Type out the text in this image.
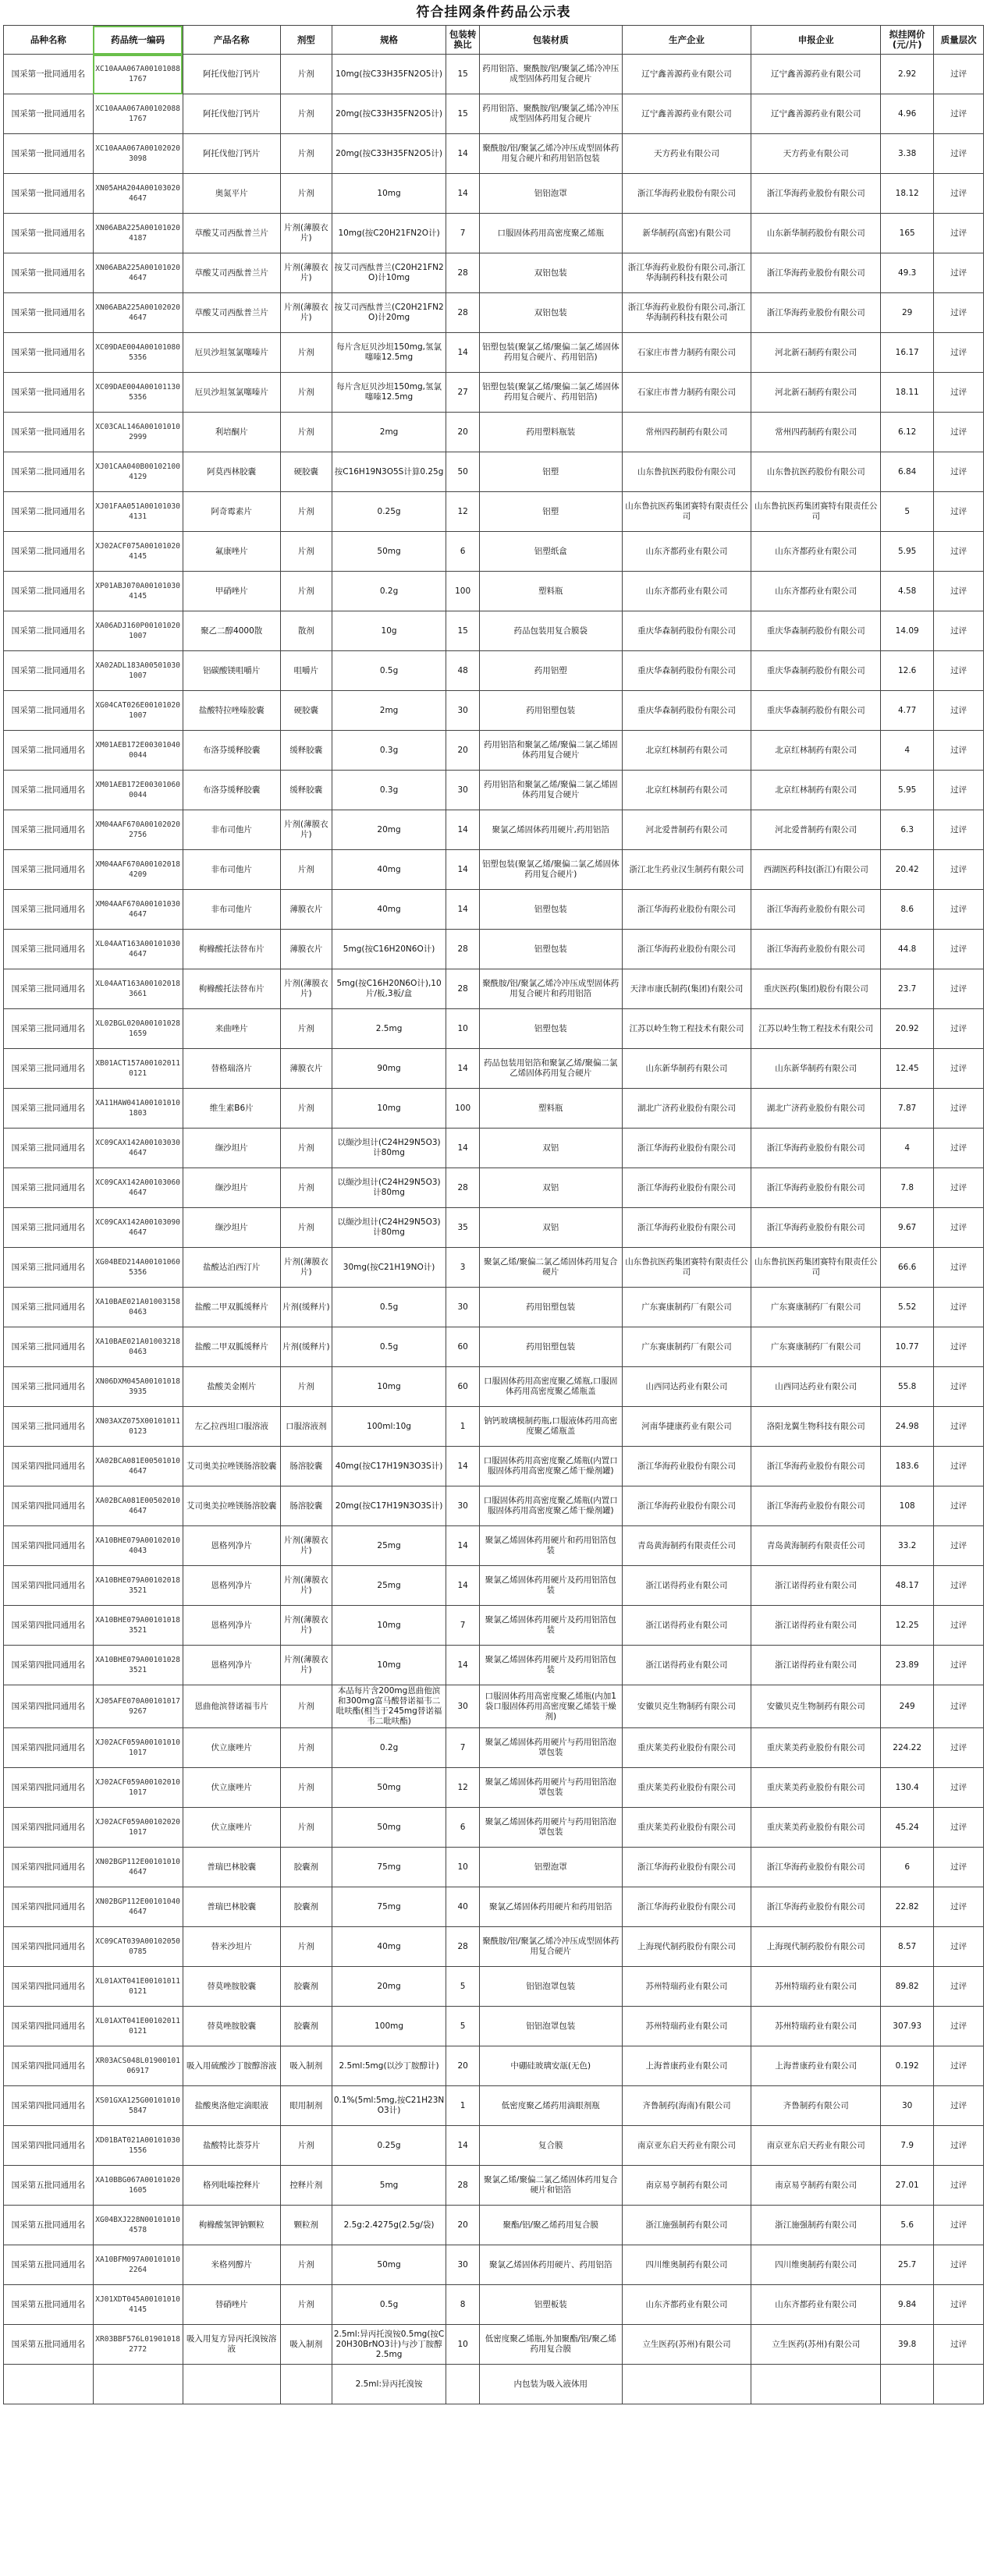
符合挂网条件药品公示表
品种名称	药品统一编码	产品名称	剂型	规格	包装转换比	包装材质	生产企业	申报企业	拟挂网价(元/片)	质量层次
国采第一批同通用名	XC10AAA067A001010881767	阿托伐他汀钙片	片剂	10mg(按C33H35FN2O5计)	15	药用铝箔、聚酰胺/铝/聚氯乙烯冷冲压成型固体药用复合硬片	辽宁鑫善源药业有限公司	辽宁鑫善源药业有限公司	2.92	过评
国采第一批同通用名	XC10AAA067A001020881767	阿托伐他汀钙片	片剂	20mg(按C33H35FN2O5计)	15	药用铝箔、聚酰胺/铝/聚氯乙烯冷冲压成型固体药用复合硬片	辽宁鑫善源药业有限公司	辽宁鑫善源药业有限公司	4.96	过评
国采第一批同通用名	XC10AAA067A001020203098	阿托伐他汀钙片	片剂	20mg(按C33H35FN2O5计)	14	聚酰胺/铝/聚氯乙烯冷冲压成型固体药用复合硬片和药用铝箔包装	天方药业有限公司	天方药业有限公司	3.38	过评
国采第一批同通用名	XN05AHA204A001030204647	奥氮平片	片剂	10mg	14	铝铝泡罩	浙江华海药业股份有限公司	浙江华海药业股份有限公司	18.12	过评
国采第一批同通用名	XN06ABA225A001010204187	草酸艾司西酞普兰片	片剂(薄膜衣片)	10mg(按C20H21FN2O计)	7	口服固体药用高密度聚乙烯瓶	新华制药(高密)有限公司	山东新华制药股份有限公司	165	过评
国采第一批同通用名	XN06ABA225A001010204647	草酸艾司西酞普兰片	片剂(薄膜衣片)	按艾司西酞普兰(C20H21FN2O)计10mg	28	双铝包装	浙江华海药业股份有限公司,浙江华海制药科技有限公司	浙江华海药业股份有限公司	49.3	过评
国采第一批同通用名	XN06ABA225A001020204647	草酸艾司西酞普兰片	片剂(薄膜衣片)	按艾司西酞普兰(C20H21FN2O)计20mg	28	双铝包装	浙江华海药业股份有限公司,浙江华海制药科技有限公司	浙江华海药业股份有限公司	29	过评
国采第一批同通用名	XC09DAE004A001010805356	厄贝沙坦氢氯噻嗪片	片剂	每片含厄贝沙坦150mg,氢氯噻嗪12.5mg	14	铝塑包装(聚氯乙烯/聚偏二氯乙烯固体药用复合硬片、药用铝箔)	石家庄市普力制药有限公司	河北新石制药有限公司	16.17	过评
国采第一批同通用名	XC09DAE004A001011305356	厄贝沙坦氢氯噻嗪片	片剂	每片含厄贝沙坦150mg,氢氯噻嗪12.5mg	27	铝塑包装(聚氯乙烯/聚偏二氯乙烯固体药用复合硬片、药用铝箔)	石家庄市普力制药有限公司	河北新石制药有限公司	18.11	过评
国采第一批同通用名	XC03CAL146A001010102999	利培酮片	片剂	2mg	20	药用塑料瓶装	常州四药制药有限公司	常州四药制药有限公司	6.12	过评
国采第二批同通用名	XJ01CAA040B001021004129	阿莫西林胶囊	硬胶囊	按C16H19N3O5S计算0.25g	50	铝塑	山东鲁抗医药股份有限公司	山东鲁抗医药股份有限公司	6.84	过评
国采第二批同通用名	XJ01FAA051A001010304131	阿奇霉素片	片剂	0.25g	12	铝塑	山东鲁抗医药集团赛特有限责任公司	山东鲁抗医药集团赛特有限责任公司	5	过评
国采第二批同通用名	XJ02ACF075A001010204145	氟康唑片	片剂	50mg	6	铝塑纸盒	山东齐都药业有限公司	山东齐都药业有限公司	5.95	过评
国采第二批同通用名	XP01ABJ070A001010304145	甲硝唑片	片剂	0.2g	100	塑料瓶	山东齐都药业有限公司	山东齐都药业有限公司	4.58	过评
国采第二批同通用名	XA06ADJ160P001010201007	聚乙二醇4000散	散剂	10g	15	药品包装用复合膜袋	重庆华森制药股份有限公司	重庆华森制药股份有限公司	14.09	过评
国采第二批同通用名	XA02ADL183A005010301007	铝碳酸镁咀嚼片	咀嚼片	0.5g	48	药用铝塑	重庆华森制药股份有限公司	重庆华森制药股份有限公司	12.6	过评
国采第二批同通用名	XG04CAT026E001010201007	盐酸特拉唑嗪胶囊	硬胶囊	2mg	30	药用铝塑包装	重庆华森制药股份有限公司	重庆华森制药股份有限公司	4.77	过评
国采第二批同通用名	XM01AEB172E003010400044	布洛芬缓释胶囊	缓释胶囊	0.3g	20	药用铝箔和聚氯乙烯/聚偏二氯乙烯固体药用复合硬片	北京红林制药有限公司	北京红林制药有限公司	4	过评
国采第二批同通用名	XM01AEB172E003010600044	布洛芬缓释胶囊	缓释胶囊	0.3g	30	药用铝箔和聚氯乙烯/聚偏二氯乙烯固体药用复合硬片	北京红林制药有限公司	北京红林制药有限公司	5.95	过评
国采第三批同通用名	XM04AAF670A001020202756	非布司他片	片剂(薄膜衣片)	20mg	14	聚氯乙烯固体药用硬片,药用铝箔	河北爱普制药有限公司	河北爱普制药有限公司	6.3	过评
国采第三批同通用名	XM04AAF670A001020184209	非布司他片	片剂	40mg	14	铝塑包装(聚氯乙烯/聚偏二氯乙烯固体药用复合硬片)	浙江北生药业汉生制药有限公司	西湖医药科技(浙江)有限公司	20.42	过评
国采第三批同通用名	XM04AAF670A001010304647	非布司他片	薄膜衣片	40mg	14	铝塑包装	浙江华海药业股份有限公司	浙江华海药业股份有限公司	8.6	过评
国采第三批同通用名	XL04AAT163A001010304647	枸橼酸托法替布片	薄膜衣片	5mg(按C16H20N6O计)	28	铝塑包装	浙江华海药业股份有限公司	浙江华海药业股份有限公司	44.8	过评
国采第三批同通用名	XL04AAT163A001020183661	枸橼酸托法替布片	片剂(薄膜衣片)	5mg(按C16H20N6O计),10片/板,3板/盒	28	聚酰胺/铝/聚氯乙烯冷冲压成型固体药用复合硬片和药用铝箔	天津市康氏制药(集团)有限公司	重庆医药(集团)股份有限公司	23.7	过评
国采第三批同通用名	XL02BGL020A001010281659	来曲唑片	片剂	2.5mg	10	铝塑包装	江苏以岭生物工程技术有限公司	江苏以岭生物工程技术有限公司	20.92	过评
国采第三批同通用名	XB01ACT157A001020110121	替格瑞洛片	薄膜衣片	90mg	14	药品包装用铝箔和聚氯乙烯/聚偏二氯乙烯固体药用复合硬片	山东新华制药有限公司	山东新华制药有限公司	12.45	过评
国采第三批同通用名	XA11HAW041A001010101803	维生素B6片	片剂	10mg	100	塑料瓶	湖北广济药业股份有限公司	湖北广济药业股份有限公司	7.87	过评
国采第三批同通用名	XC09CAX142A001030304647	缬沙坦片	片剂	以缬沙坦计(C24H29N5O3)计80mg	14	双铝	浙江华海药业股份有限公司	浙江华海药业股份有限公司	4	过评
国采第三批同通用名	XC09CAX142A001030604647	缬沙坦片	片剂	以缬沙坦计(C24H29N5O3)计80mg	28	双铝	浙江华海药业股份有限公司	浙江华海药业股份有限公司	7.8	过评
国采第三批同通用名	XC09CAX142A001030904647	缬沙坦片	片剂	以缬沙坦计(C24H29N5O3)计80mg	35	双铝	浙江华海药业股份有限公司	浙江华海药业股份有限公司	9.67	过评
国采第三批同通用名	XG04BED214A001010605356	盐酸达泊西汀片	片剂(薄膜衣片)	30mg(按C21H19NO计)	3	聚氯乙烯/聚偏二氯乙烯固体药用复合硬片	山东鲁抗医药集团赛特有限责任公司	山东鲁抗医药集团赛特有限责任公司	66.6	过评
国采第三批同通用名	XA10BAE021A010031580463	盐酸二甲双胍缓释片	片剂(缓释片)	0.5g	30	药用铝塑包装	广东赛康制药厂有限公司	广东赛康制药厂有限公司	5.52	过评
国采第三批同通用名	XA10BAE021A010032180463	盐酸二甲双胍缓释片	片剂(缓释片)	0.5g	60	药用铝塑包装	广东赛康制药厂有限公司	广东赛康制药厂有限公司	10.77	过评
国采第三批同通用名	XN06DXM045A001010183935	盐酸美金刚片	片剂	10mg	60	口服固体药用高密度聚乙烯瓶,口服固体药用高密度聚乙烯瓶盖	山西同达药业有限公司	山西同达药业有限公司	55.8	过评
国采第三批同通用名	XN03AXZ075X001010110123	左乙拉西坦口服溶液	口服溶液剂	100ml:10g	1	钠钙玻璃模制药瓶,口服液体药用高密度聚乙烯瓶盖	河南华捷康药业有限公司	洛阳龙翼生物科技有限公司	24.98	过评
国采第四批同通用名	XA02BCA081E005010104647	艾司奥美拉唑镁肠溶胶囊	肠溶胶囊	40mg(按C17H19N3O3S计)	14	口服固体药用高密度聚乙烯瓶(内置口服固体药用高密度聚乙烯干燥剂罐)	浙江华海药业股份有限公司	浙江华海药业股份有限公司	183.6	过评
国采第四批同通用名	XA02BCA081E005020104647	艾司奥美拉唑镁肠溶胶囊	肠溶胶囊	20mg(按C17H19N3O3S计)	30	口服固体药用高密度聚乙烯瓶(内置口服固体药用高密度聚乙烯干燥剂罐)	浙江华海药业股份有限公司	浙江华海药业股份有限公司	108	过评
国采第四批同通用名	XA10BHE079A001020104043	恩格列净片	片剂(薄膜衣片)	25mg	14	聚氯乙烯固体药用硬片和药用铝箔包装	青岛黄海制药有限责任公司	青岛黄海制药有限责任公司	33.2	过评
国采第四批同通用名	XA10BHE079A001020183521	恩格列净片	片剂(薄膜衣片)	25mg	14	聚氯乙烯固体药用硬片及药用铝箔包装	浙江诺得药业有限公司	浙江诺得药业有限公司	48.17	过评
国采第四批同通用名	XA10BHE079A001010183521	恩格列净片	片剂(薄膜衣片)	10mg	7	聚氯乙烯固体药用硬片及药用铝箔包装	浙江诺得药业有限公司	浙江诺得药业有限公司	12.25	过评
国采第四批同通用名	XA10BHE079A001010283521	恩格列净片	片剂(薄膜衣片)	10mg	14	聚氯乙烯固体药用硬片及药用铝箔包装	浙江诺得药业有限公司	浙江诺得药业有限公司	23.89	过评
国采第四批同通用名	XJ05AFE070A001010179267	恩曲他滨替诺福韦片	片剂	本品每片含200mg恩曲他滨和300mg富马酸替诺福韦二吡呋酯(相当于245mg替诺福韦二吡呋酯)	30	口服固体药用高密度聚乙烯瓶(内加1袋口服固体药用高密度聚乙烯装干燥剂)	安徽贝克生物制药有限公司	安徽贝克生物制药有限公司	249	过评
国采第四批同通用名	XJ02ACF059A001010101017	伏立康唑片	片剂	0.2g	7	聚氯乙烯固体药用硬片与药用铝箔泡罩包装	重庆莱美药业股份有限公司	重庆莱美药业股份有限公司	224.22	过评
国采第四批同通用名	XJ02ACF059A001020101017	伏立康唑片	片剂	50mg	12	聚氯乙烯固体药用硬片与药用铝箔泡罩包装	重庆莱美药业股份有限公司	重庆莱美药业股份有限公司	130.4	过评
国采第四批同通用名	XJ02ACF059A001020201017	伏立康唑片	片剂	50mg	6	聚氯乙烯固体药用硬片与药用铝箔泡罩包装	重庆莱美药业股份有限公司	重庆莱美药业股份有限公司	45.24	过评
国采第四批同通用名	XN02BGP112E001010104647	普瑞巴林胶囊	胶囊剂	75mg	10	铝塑泡罩	浙江华海药业股份有限公司	浙江华海药业股份有限公司	6	过评
国采第四批同通用名	XN02BGP112E001010404647	普瑞巴林胶囊	胶囊剂	75mg	40	聚氯乙烯固体药用硬片和药用铝箔	浙江华海药业股份有限公司	浙江华海药业股份有限公司	22.82	过评
国采第四批同通用名	XC09CAT039A001020500785	替米沙坦片	片剂	40mg	28	聚酰胺/铝/聚氯乙烯冷冲压成型固体药用复合硬片	上海现代制药股份有限公司	上海现代制药股份有限公司	8.57	过评
国采第四批同通用名	XL01AXT041E001010110121	替莫唑胺胶囊	胶囊剂	20mg	5	铝铝泡罩包装	苏州特瑞药业有限公司	苏州特瑞药业有限公司	89.82	过评
国采第四批同通用名	XL01AXT041E001020110121	替莫唑胺胶囊	胶囊剂	100mg	5	铝铝泡罩包装	苏州特瑞药业有限公司	苏州特瑞药业有限公司	307.93	过评
国采第四批同通用名	XR03ACS048L0190010106917	吸入用硫酸沙丁胺醇溶液	吸入制剂	2.5ml:5mg(以沙丁胺醇计)	20	中硼硅玻璃安瓿(无色)	上海普康药业有限公司	上海普康药业有限公司	0.192	过评
国采第四批同通用名	XS01GXA125G001010105847	盐酸奥洛他定滴眼液	眼用制剂	0.1%(5ml:5mg,按C21H23NO3计)	1	低密度聚乙烯药用滴眼剂瓶	齐鲁制药(海南)有限公司	齐鲁制药有限公司	30	过评
国采第四批同通用名	XD01BAT021A001010301556	盐酸特比萘芬片	片剂	0.25g	14	复合膜	南京亚东启天药业有限公司	南京亚东启天药业有限公司	7.9	过评
国采第五批同通用名	XA10BBG067A001010201605	格列吡嗪控释片	控释片剂	5mg	28	聚氯乙烯/聚偏二氯乙烯固体药用复合硬片和铝箔	南京易亨制药有限公司	南京易亨制药有限公司	27.01	过评
国采第五批同通用名	XG04BXJ228N001010104578	枸橼酸氢钾钠颗粒	颗粒剂	2.5g:2.4275g(2.5g/袋)	20	聚酯/铝/聚乙烯药用复合膜	浙江施强制药有限公司	浙江施强制药有限公司	5.6	过评
国采第五批同通用名	XA10BFM097A001010102264	米格列醇片	片剂	50mg	30	聚氯乙烯固体药用硬片、药用铝箔	四川维奥制药有限公司	四川维奥制药有限公司	25.7	过评
国采第五批同通用名	XJ01XDT045A001010104145	替硝唑片	片剂	0.5g	8	铝塑板装	山东齐都药业有限公司	山东齐都药业有限公司	9.84	过评
国采第五批同通用名	XR03BBF576L019010182772	吸入用复方异丙托溴铵溶液	吸入制剂	2.5ml:异丙托溴铵0.5mg(按C20H30BrNO3计)与沙丁胺醇2.5mg	10	低密度聚乙烯瓶,外加聚酯/铝/聚乙烯药用复合膜	立生医药(苏州)有限公司	立生医药(苏州)有限公司	39.8	过评
				2.5ml:异丙托溴铵		内包装为吸入液体用				
